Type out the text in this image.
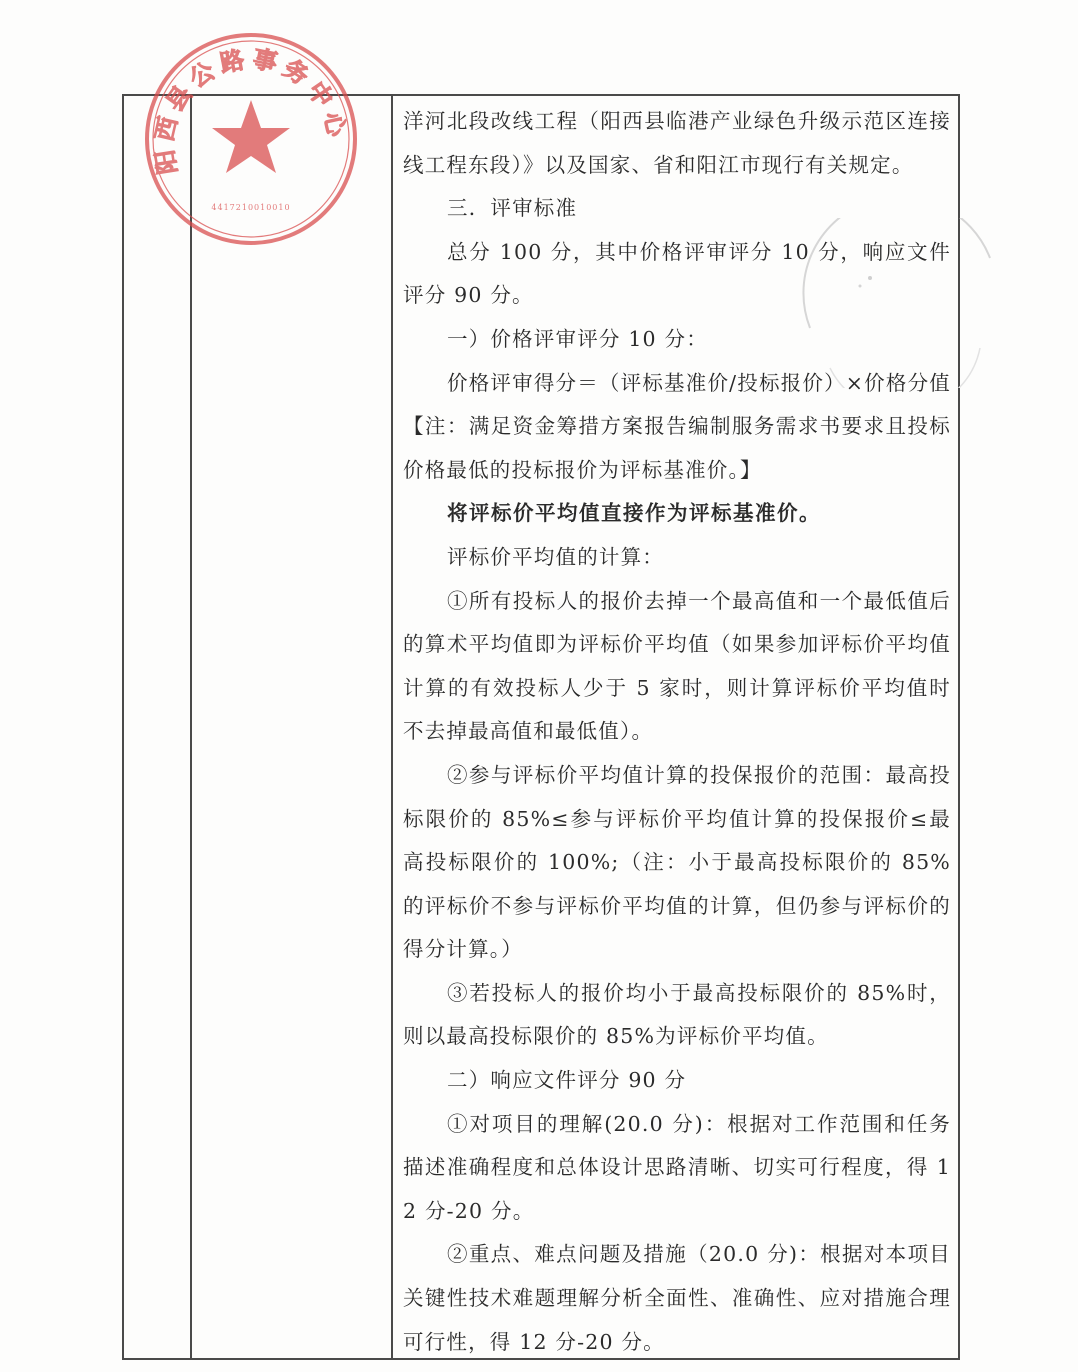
阳西县公路事务中心
4417210010010

洋河北段改线工程（阳西县临港产业绿色升级示范区连接线工程东段）》以及国家、省和阳江市现行有关规定。

三．评审标准

总分 100 分，其中价格评审评分 10 分，响应文件评分 90 分。

一）价格评审评分 10 分：

价格评审得分＝（评标基准价/投标报价）×价格分值【注：满足资金筹措方案报告编制服务需求书要求且投标价格最低的投标报价为评标基准价。】

将评标价平均值直接作为评标基准价。

评标价平均值的计算：

①所有投标人的报价去掉一个最高值和一个最低值后的算术平均值即为评标价平均值（如果参加评标价平均值计算的有效投标人少于 5 家时，则计算评标价平均值时不去掉最高值和最低值）。

②参与评标价平均值计算的投保报价的范围：最高投标限价的 85%≤参与评标价平均值计算的投保报价≤最高投标限价的 100%;（注：小于最高投标限价的 85%的评标价不参与评标价平均值的计算，但仍参与评标价的得分计算。）

③若投标人的报价均小于最高投标限价的 85%时，则以最高投标限价的 85%为评标价平均值。

二）响应文件评分 90 分

①对项目的理解(20.0 分)：根据对工作范围和任务描述准确程度和总体设计思路清晰、切实可行程度，得 12 分-20 分。

②重点、难点问题及措施（20.0 分)：根据对本项目关键性技术难题理解分析全面性、准确性、应对措施合理可行性，得 12 分-20 分。
